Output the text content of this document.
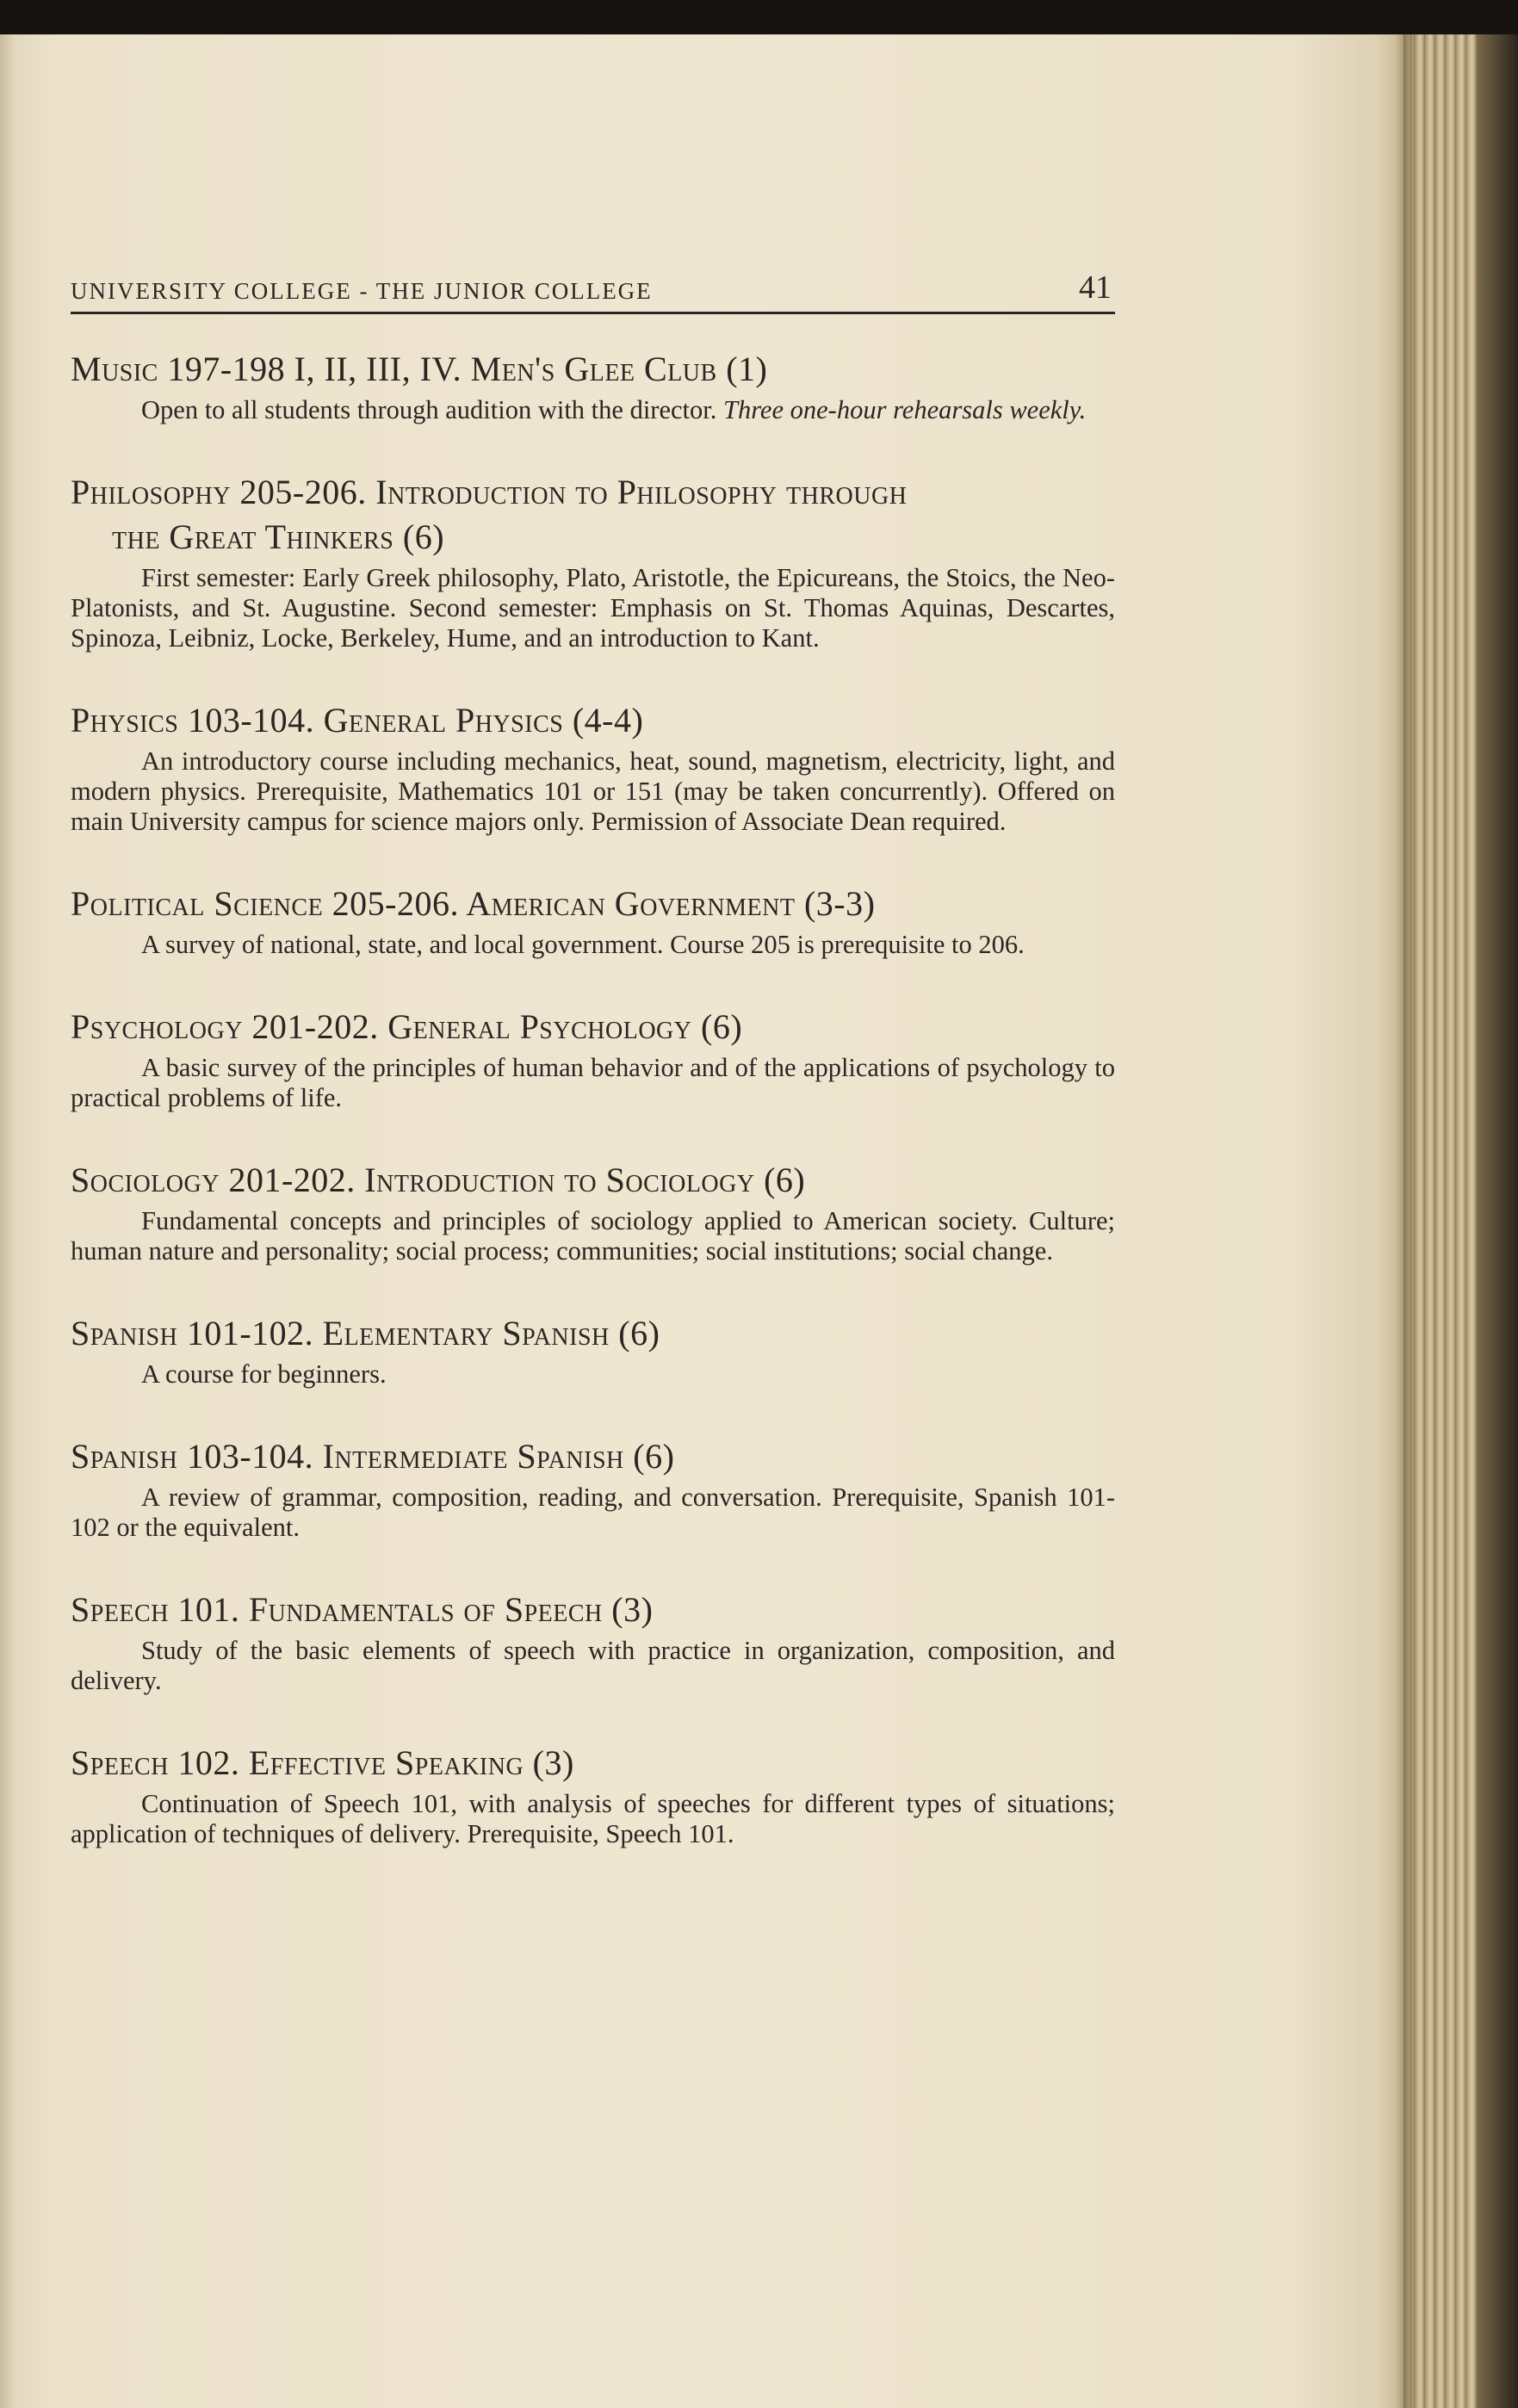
UNIVERSITY COLLEGE - THE JUNIOR COLLEGE	41

Music 197-198 I, II, III, IV. Men's Glee Club (1)

Open to all students through audition with the director. Three one-hour rehearsals weekly.

Philosophy 205-206. Introduction to Philosophy through
the Great Thinkers (6)

First semester: Early Greek philosophy, Plato, Aristotle, the Epicureans, the Stoics, the Neo-Platonists, and St. Augustine. Second semester: Emphasis on St. Thomas Aquinas, Descartes, Spinoza, Leibniz, Locke, Berkeley, Hume, and an introduction to Kant.

Physics 103-104. General Physics (4-4)

An introductory course including mechanics, heat, sound, magnetism, electricity, light, and modern physics. Prerequisite, Mathematics 101 or 151 (may be taken concurrently). Offered on main University campus for science majors only. Permission of Associate Dean required.

Political Science 205-206. American Government (3-3)

A survey of national, state, and local government. Course 205 is prerequisite to 206.

Psychology 201-202. General Psychology (6)

A basic survey of the principles of human behavior and of the applications of psychology to practical problems of life.

Sociology 201-202. Introduction to Sociology (6)

Fundamental concepts and principles of sociology applied to American society. Culture; human nature and personality; social process; communities; social institutions; social change.

Spanish 101-102. Elementary Spanish (6)

A course for beginners.

Spanish 103-104. Intermediate Spanish (6)

A review of grammar, composition, reading, and conversation. Prerequisite, Spanish 101-102 or the equivalent.

Speech 101. Fundamentals of Speech (3)

Study of the basic elements of speech with practice in organization, composition, and delivery.

Speech 102. Effective Speaking (3)

Continuation of Speech 101, with analysis of speeches for different types of situations; application of techniques of delivery. Prerequisite, Speech 101.
